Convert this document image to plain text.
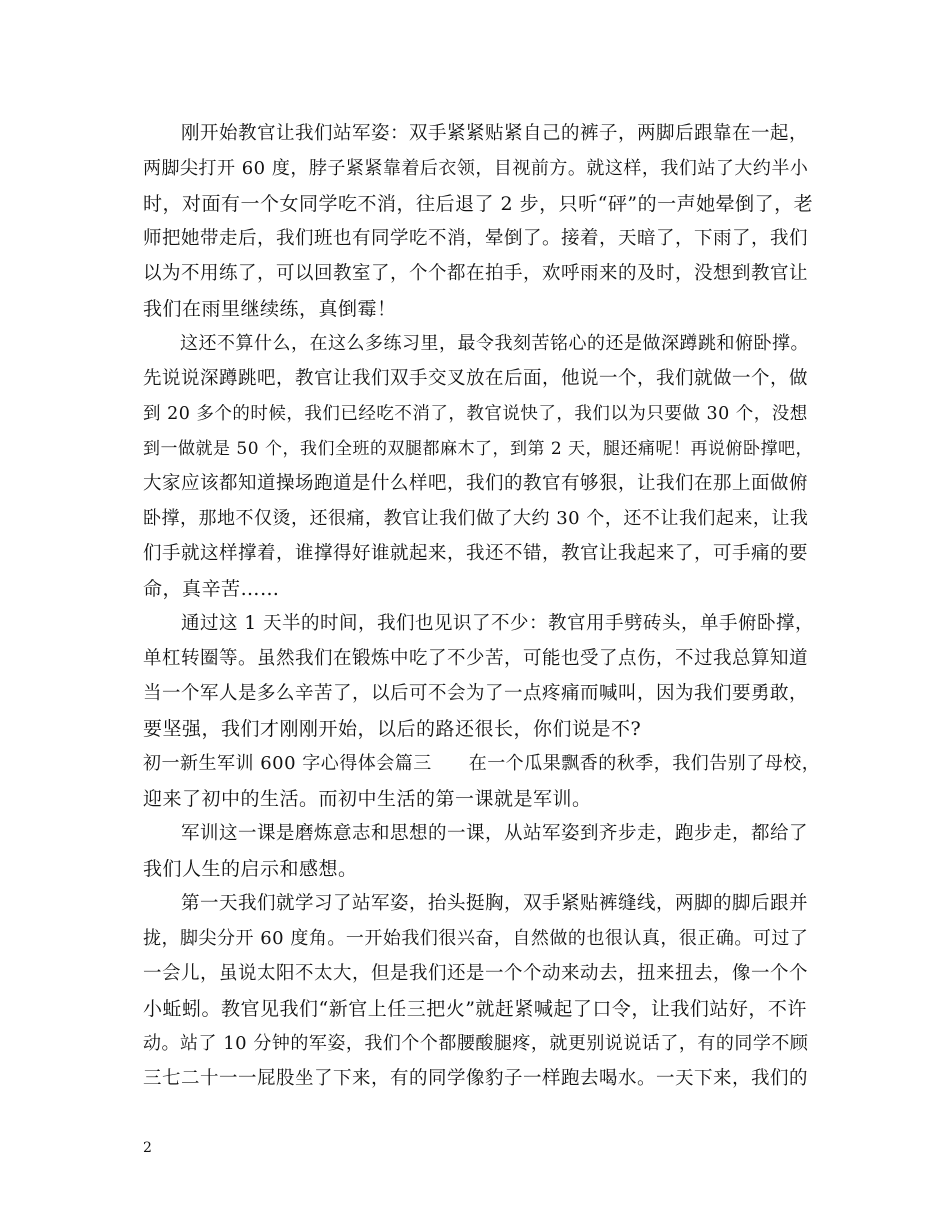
　　刚开始教官让我们站军姿：双手紧紧贴紧自己的裤子，两脚后跟靠在一起，
两脚尖打开 60 度，脖子紧紧靠着后衣领，目视前方。就这样，我们站了大约半小
时，对面有一个女同学吃不消，往后退了 2 步，只听“砰”的一声她晕倒了，老
师把她带走后，我们班也有同学吃不消，晕倒了。接着，天暗了，下雨了，我们
以为不用练了，可以回教室了，个个都在拍手，欢呼雨来的及时，没想到教官让
我们在雨里继续练，真倒霉！
　　这还不算什么，在这么多练习里，最令我刻苦铭心的还是做深蹲跳和俯卧撑。
先说说深蹲跳吧，教官让我们双手交叉放在后面，他说一个，我们就做一个，做
到 20 多个的时候，我们已经吃不消了，教官说快了，我们以为只要做 30 个，没想
到一做就是 50 个，我们全班的双腿都麻木了，到第 2 天，腿还痛呢！再说俯卧撑吧，
大家应该都知道操场跑道是什么样吧，我们的教官有够狠，让我们在那上面做俯
卧撑，那地不仅烫，还很痛，教官让我们做了大约 30 个，还不让我们起来，让我
们手就这样撑着，谁撑得好谁就起来，我还不错，教官让我起来了，可手痛的要
命，真辛苦……
　　通过这 1 天半的时间，我们也见识了不少：教官用手劈砖头，单手俯卧撑，
单杠转圈等。虽然我们在锻炼中吃了不少苦，可能也受了点伤，不过我总算知道
当一个军人是多么辛苦了，以后可不会为了一点疼痛而喊叫，因为我们要勇敢，
要坚强，我们才刚刚开始，以后的路还很长，你们说是不?
初一新生军训 600 字心得体会篇三　　在一个瓜果飘香的秋季，我们告别了母校，
迎来了初中的生活。而初中生活的第一课就是军训。
　　军训这一课是磨炼意志和思想的一课，从站军姿到齐步走，跑步走，都给了
我们人生的启示和感想。
　　第一天我们就学习了站军姿，抬头挺胸，双手紧贴裤缝线，两脚的脚后跟并
拢，脚尖分开 60 度角。一开始我们很兴奋，自然做的也很认真，很正确。可过了
一会儿，虽说太阳不太大，但是我们还是一个个动来动去，扭来扭去，像一个个
小蚯蚓。教官见我们“新官上任三把火”就赶紧喊起了口令，让我们站好，不许
动。站了 10 分钟的军姿，我们个个都腰酸腿疼，就更别说说话了，有的同学不顾
三七二十一一屁股坐了下来，有的同学像豹子一样跑去喝水。一天下来，我们的
2
